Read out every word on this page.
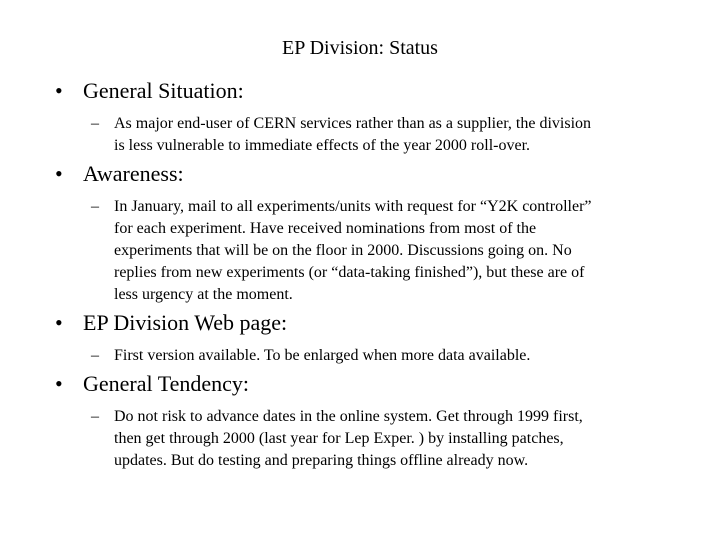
EP Division: Status
• General Situation:
– As major end-user of CERN services rather than as a supplier, the division
is less vulnerable to immediate effects of the year 2000 roll-over.
• Awareness:
– In January, mail to all experiments/units with request for “Y2K controller”
for each experiment. Have received nominations from most of the
experiments that will be on the floor in 2000. Discussions going on. No
replies from new experiments (or “data-taking finished”), but these are of
less urgency at the moment.
• EP Division Web page:
– First version available. To be enlarged when more data available.
• General Tendency:
– Do not risk to advance dates in the online system. Get through 1999 first,
then get through 2000 (last year for Lep Exper. ) by installing patches,
updates. But do testing and preparing things offline already now.
